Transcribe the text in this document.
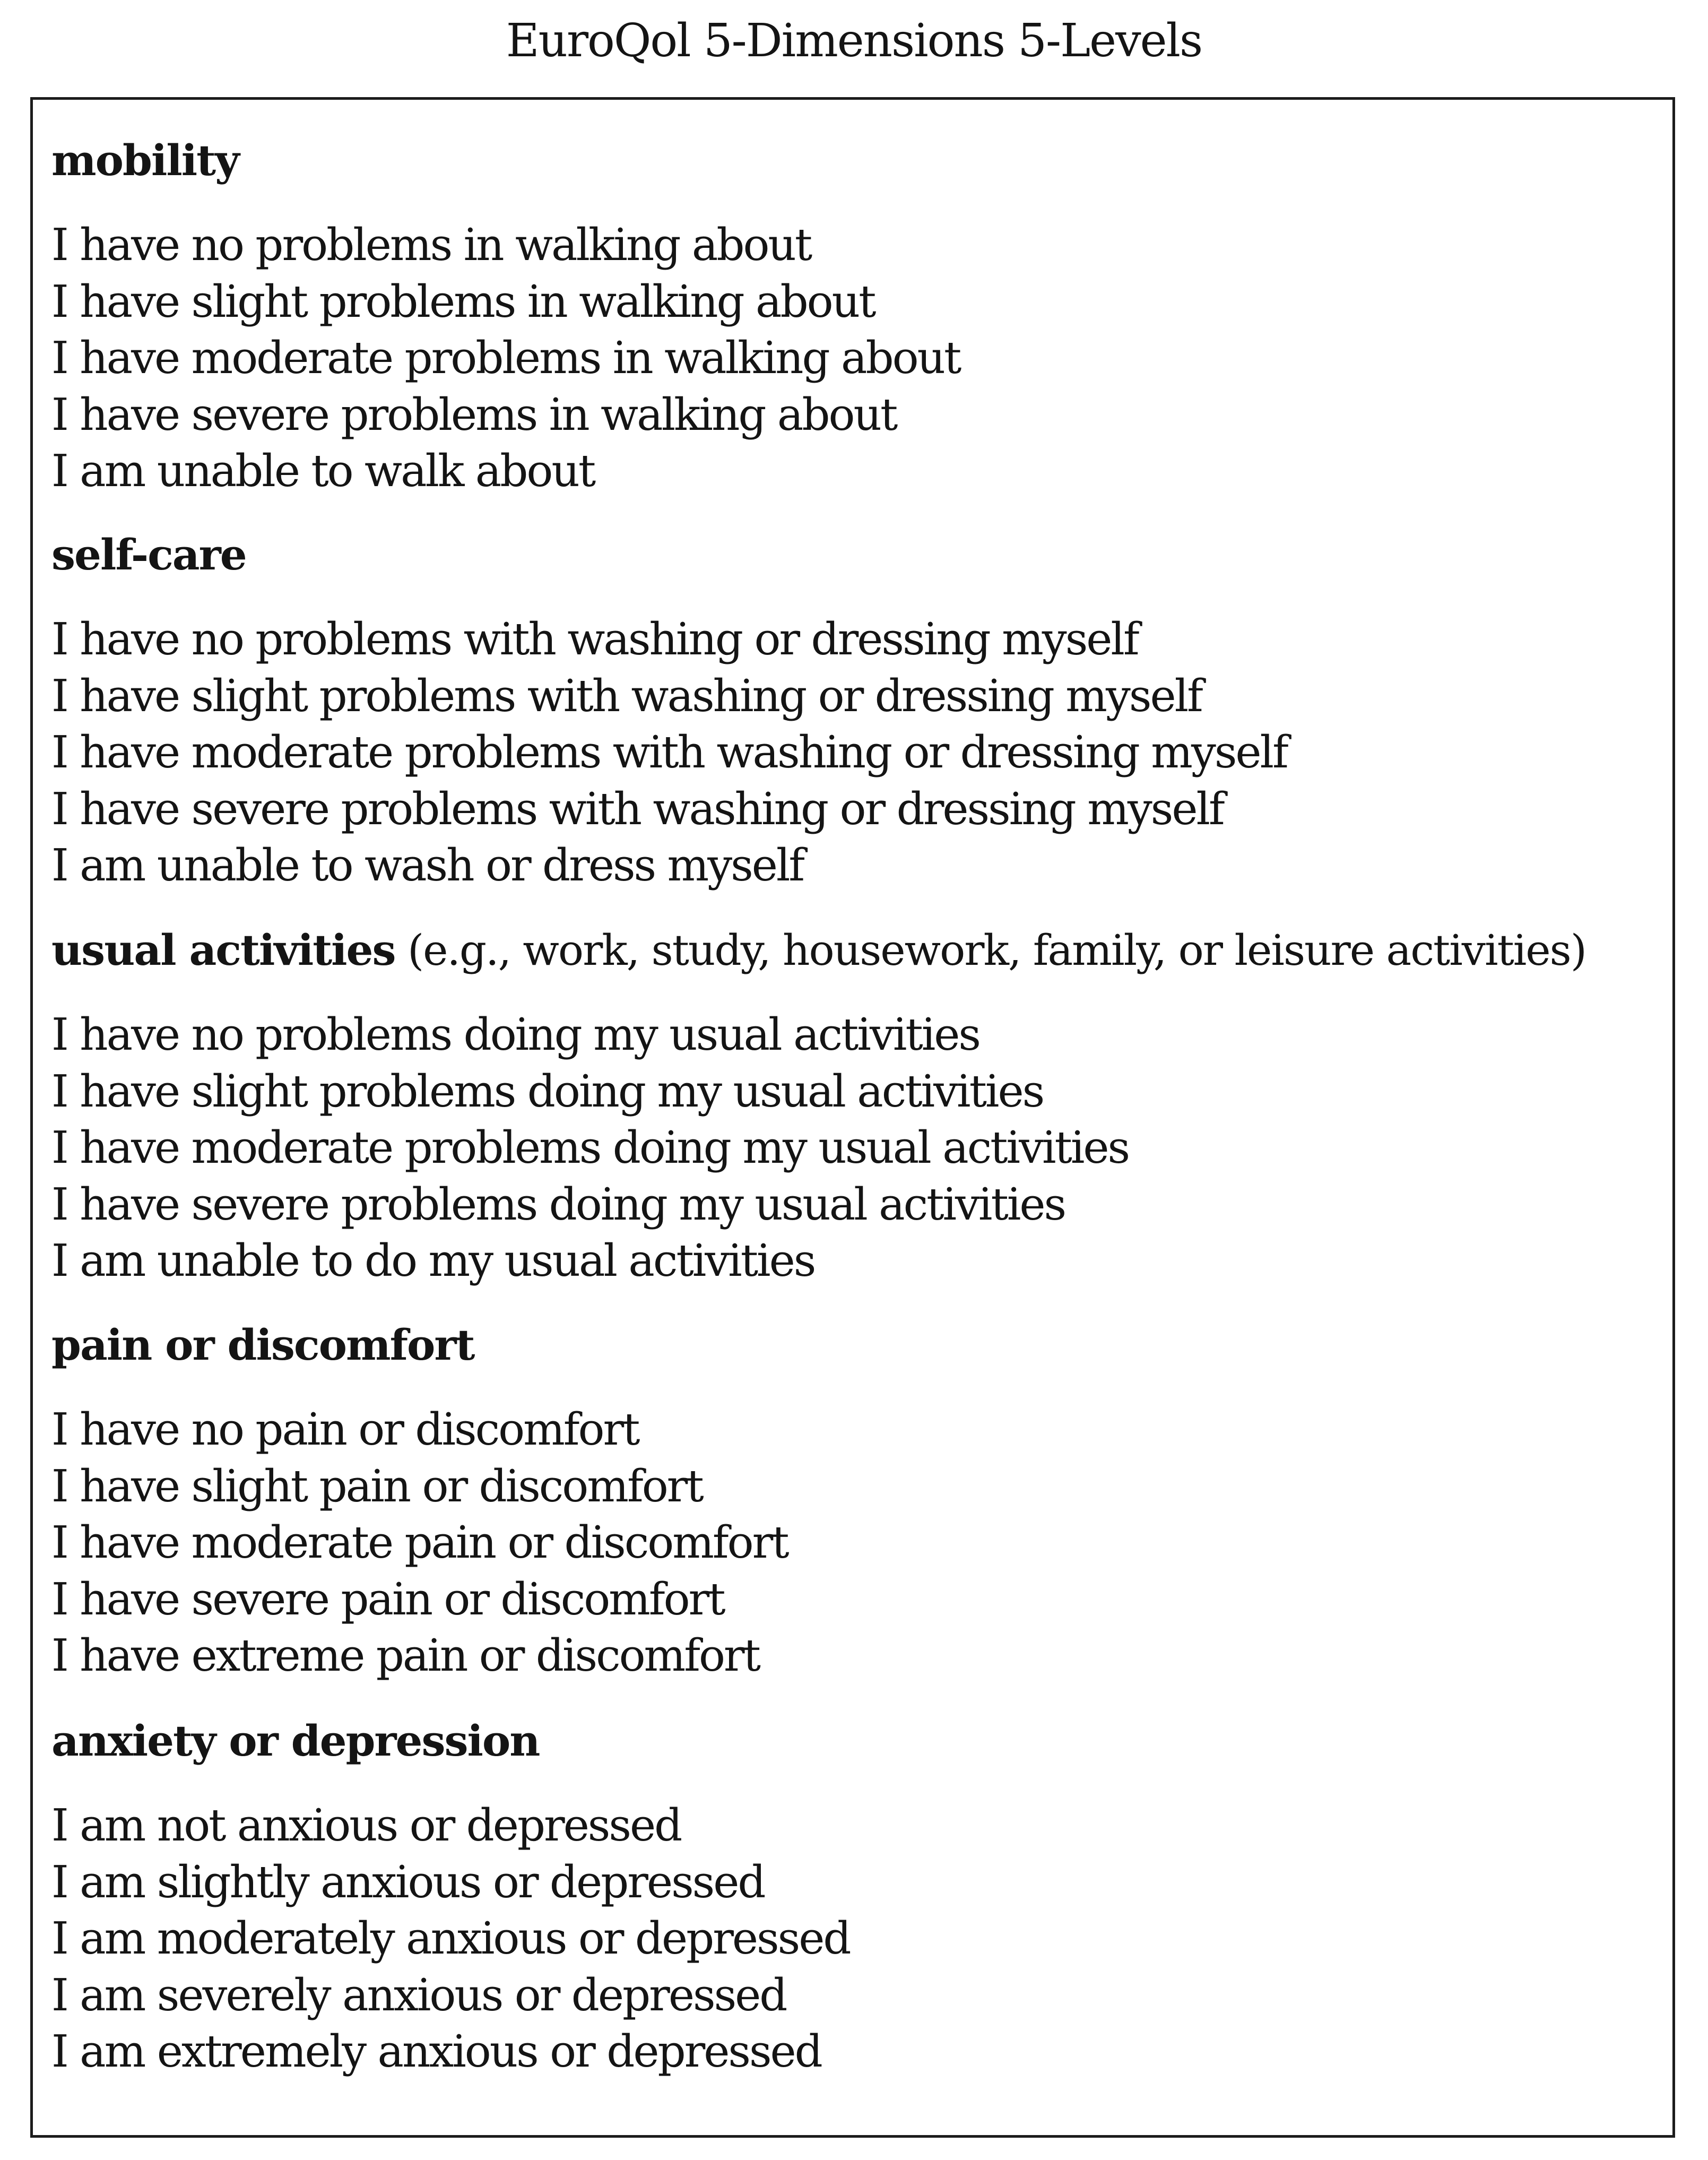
EuroQol 5-Dimensions 5-Levels
mobility
I have no problems in walking about
I have slight problems in walking about
I have moderate problems in walking about
I have severe problems in walking about
I am unable to walk about
self-care
I have no problems with washing or dressing myself
I have slight problems with washing or dressing myself
I have moderate problems with washing or dressing myself
I have severe problems with washing or dressing myself
I am unable to wash or dress myself
usual activities (e.g., work, study, housework, family, or leisure activities)
I have no problems doing my usual activities
I have slight problems doing my usual activities
I have moderate problems doing my usual activities
I have severe problems doing my usual activities
I am unable to do my usual activities
pain or discomfort
I have no pain or discomfort
I have slight pain or discomfort
I have moderate pain or discomfort
I have severe pain or discomfort
I have extreme pain or discomfort
anxiety or depression
I am not anxious or depressed
I am slightly anxious or depressed
I am moderately anxious or depressed
I am severely anxious or depressed
I am extremely anxious or depressed
